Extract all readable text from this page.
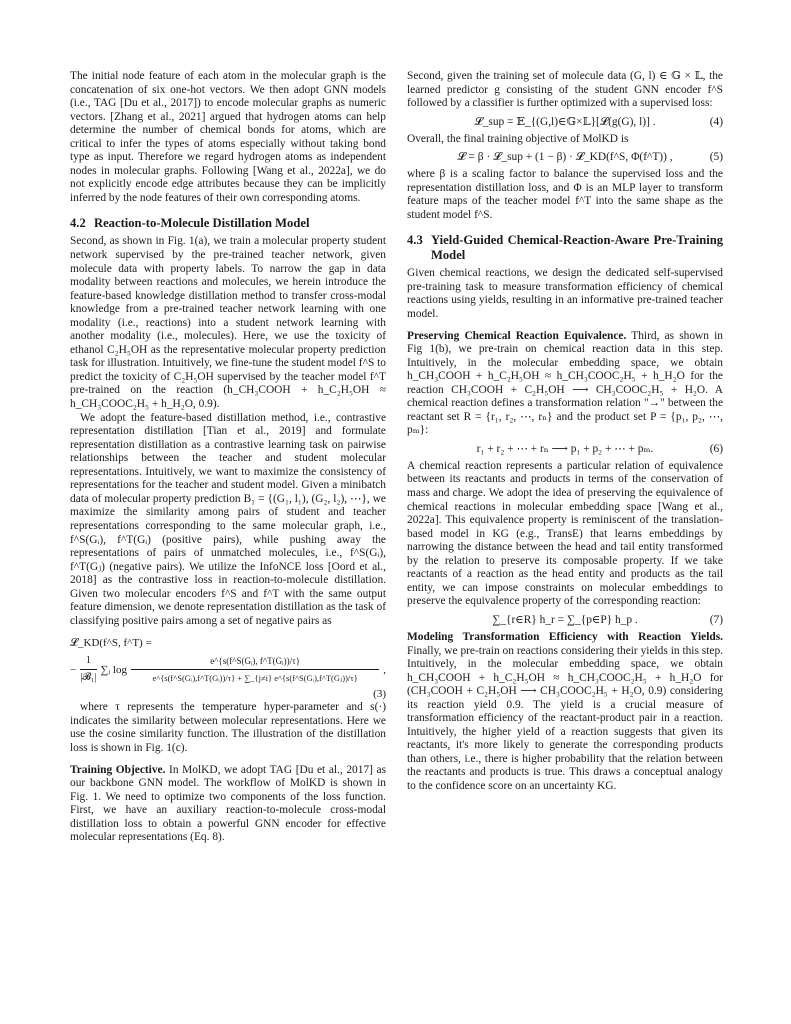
The initial node feature of each atom in the molecular graph is the concatenation of six one-hot vectors. We then adopt GNN models (i.e., TAG [Du et al., 2017]) to encode molecular graphs as numeric vectors. [Zhang et al., 2021] argued that hydrogen atoms can help determine the number of chemical bonds for atoms, which are critical to infer the types of atoms especially without taking bond type as input. Therefore we regard hydrogen atoms as independent nodes in molecular graphs. Following [Wang et al., 2022a], we do not explicitly encode edge attributes because they can be implicitly inferred by the node features of their own corresponding atoms.

4.2 Reaction-to-Molecule Distillation Model

Second, as shown in Fig. 1(a), we train a molecular property student network supervised by the pre-trained teacher network, given molecule data with property labels. To narrow the gap in data modality between reactions and molecules, we herein introduce the feature-based knowledge distillation method to transfer cross-modal knowledge from a pre-trained teacher network learning with one modality (i.e., reactions) into a student network learning with another modality (i.e., molecules). Here, we use the toxicity of ethanol C₂H₅OH as the representative molecular property prediction task for illustration. Intuitively, we fine-tune the student model f^S to predict the toxicity of C₂H₅OH supervised by the teacher model f^T pre-trained on the reaction (h_CH₃COOH + h_C₂H₅OH ≈ h_CH₃COOC₂H₅ + h_H₂O, 0.9).

We adopt the feature-based distillation method, i.e., contrastive representation distillation [Tian et al., 2019] and formulate representation distillation as a contrastive learning task on pairwise relationships between the teacher and student molecular representations. Intuitively, we want to maximize the consistency of representations for the teacher and student model. Given a minibatch data of molecular property prediction B₁ = {(G₁, l₁), (G₂, l₂), ⋯}, we maximize the similarity among pairs of student and teacher representations corresponding to the same molecular graph, i.e., f^S(Gᵢ), f^T(Gᵢ) (positive pairs), while pushing away the representations of pairs of unmatched molecules, i.e., f^S(Gᵢ), f^T(Gⱼ) (negative pairs). We utilize the InfoNCE loss [Oord et al., 2018] as the contrastive loss in reaction-to-molecule distillation. Given two molecular encoders f^S and f^T with the same output feature dimension, we denote representation distillation as the task of classifying positive pairs among a set of negative pairs as

𝓛_KD(f^S, f^T) =
− $\frac{1}{\text{|𝓑₁|}}$ ∑ᵢ $\log \frac{\text{e\textasciicircum{}\{s(f\textasciicircum{}S(Gᵢ), f\textasciicircum{}T(Gᵢ))/τ\}}}{\text{e\textasciicircum{}\{s(f\textasciicircum{}S(Gᵢ),f\textasciicircum{}T(Gᵢ))/τ\} + ∑\_\{j≠i\} e\textasciicircum{}\{s(f\textasciicircum{}S(Gᵢ),f\textasciicircum{}T(Gⱼ))/τ\}}}$ ,
(3)

where τ represents the temperature hyper-parameter and s(·) indicates the similarity between molecular representations. Here we use the cosine similarity function. The illustration of the distillation loss is shown in Fig. 1(c).

Training Objective. In MolKD, we adopt TAG [Du et al., 2017] as our backbone GNN model. The workflow of MolKD is shown in Fig. 1. We need to optimize two components of the loss function. First, we have an auxiliary reaction-to-molecule cross-modal distillation loss to obtain a powerful GNN encoder for effective molecular representations (Eq. 8).

Second, given the training set of molecule data (G, l) ∈ 𝔾 × 𝕃, the learned predictor g consisting of the student GNN encoder f^S followed by a classifier is further optimized with a supervised loss:

𝓛_sup = 𝔼_{(G,l)∈𝔾×𝕃}[𝓛(g(G), l)] .	(4)

Overall, the final training objective of MolKD is

𝓛 = β · 𝓛_sup + (1 − β) · 𝓛_KD(f^S, Φ(f^T)) ,	(5)

where β is a scaling factor to balance the supervised loss and the representation distillation loss, and Φ is an MLP layer to transform feature maps of the teacher model f^T into the same shape as the student model f^S.

4.3 Yield-Guided Chemical-Reaction-Aware Pre-Training Model

Given chemical reactions, we design the dedicated self-supervised pre-training task to measure transformation efficiency of chemical reactions using yields, resulting in an informative pre-trained teacher model.

Preserving Chemical Reaction Equivalence. Third, as shown in Fig 1(b), we pre-train on chemical reaction data in this step. Intuitively, in the molecular embedding space, we obtain h_CH₃COOH + h_C₂H₅OH ≈ h_CH₃COOC₂H₅ + h_H₂O for the reaction CH₃COOH + C₂H₅OH ⟶ CH₃COOC₂H₅ + H₂O. A chemical reaction defines a transformation relation "→" between the reactant set R = {r₁, r₂, ⋯, rₙ} and the product set P = {p₁, p₂, ⋯, pₘ}:

r₁ + r₂ + ⋯ + rₙ ⟶ p₁ + p₂ + ⋯ + pₘ.	(6)

A chemical reaction represents a particular relation of equivalence between its reactants and products in terms of the conservation of mass and charge. We adopt the idea of preserving the equivalence of chemical reactions in molecular embedding space [Wang et al., 2022a]. This equivalence property is reminiscent of the translation-based model in KG (e.g., TransE) that learns embeddings by narrowing the distance between the head and tail entity transformed by the relation to preserve its composable property. If we take reactants of a reaction as the head entity and products as the tail entity, we can impose constraints on molecular embeddings to preserve the equivalence property of the corresponding reaction:

∑_{r∈R} h_r = ∑_{p∈P} h_p .	(7)

Modeling Transformation Efficiency with Reaction Yields. Finally, we pre-train on reactions considering their yields in this step. Intuitively, in the molecular embedding space, we obtain h_CH₃COOH + h_C₂H₅OH ≈ h_CH₃COOC₂H₅ + h_H₂O for (CH₃COOH + C₂H₅OH ⟶ CH₃COOC₂H₅ + H₂O, 0.9) considering its reaction yield 0.9. The yield is a crucial measure of transformation efficiency of the reactant-product pair in a reaction. Intuitively, the higher yield of a reaction suggests that given its reactants, it's more likely to generate the corresponding products than others, i.e., there is higher probability that the relation between the reactants and products is true. This draws a conceptual analogy to the confidence score on an uncertainty KG.
